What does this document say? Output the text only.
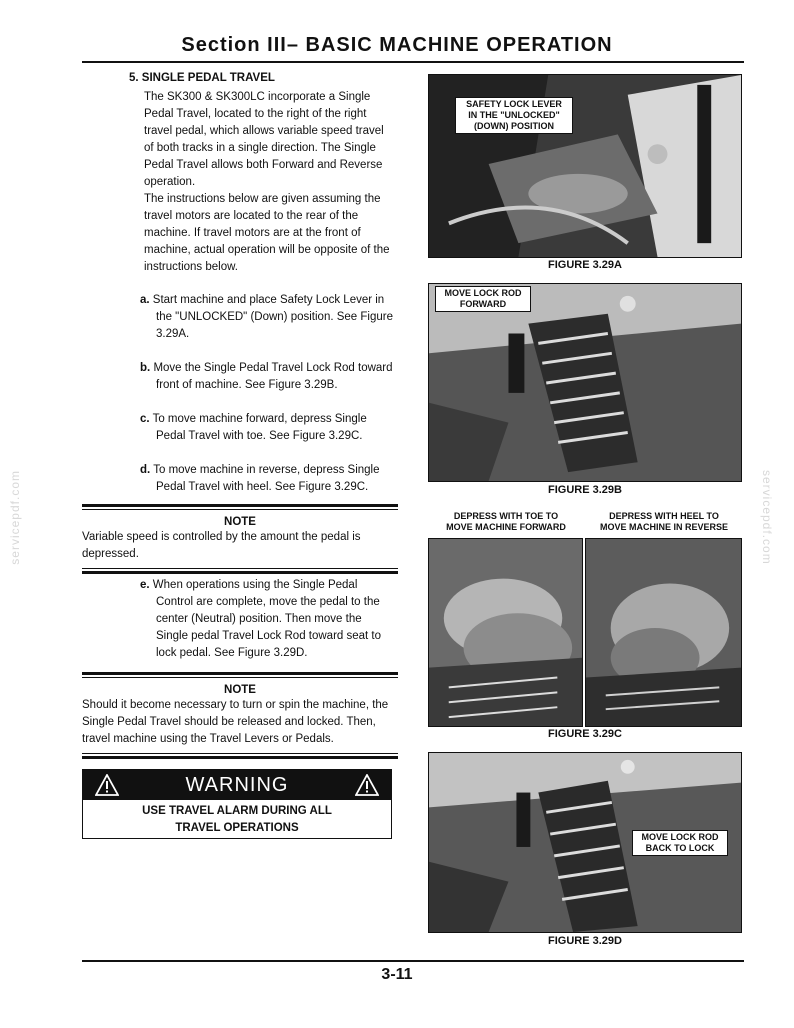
Section III– BASIC MACHINE OPERATION
servicepdf.com	servicepdf.com
5. SINGLE PEDAL TRAVEL

The SK300 & SK300LC incorporate a Single Pedal Travel, located to the right of the right travel pedal, which allows variable speed travel of both tracks in a single direction. The Single Pedal Travel allows both Forward and Reverse operation.

The instructions below are given assuming the travel motors are located to the rear of the machine. If travel motors are at the front of machine, actual operation will be opposite of the instructions below.

a. Start machine and place Safety Lock Lever in the "UNLOCKED" (Down) position. See Figure 3.29A.
b. Move the Single Pedal Travel Lock Rod toward front of machine. See Figure 3.29B.
c. To move machine forward, depress Single Pedal Travel with toe. See Figure 3.29C.
d. To move machine in reverse, depress Single Pedal Travel with heel. See Figure 3.29C.
NOTE
Variable speed is controlled by the amount the pedal is depressed.
e. When operations using the Single Pedal Control are complete, move the pedal to the center (Neutral) position. Then move the Single pedal Travel Lock Rod toward seat to lock pedal. See Figure 3.29D.
NOTE
Should it become necessary to turn or spin the machine, the Single Pedal Travel should be released and locked. Then, travel machine using the Travel Levers or Pedals.
WARNING
USE TRAVEL ALARM DURING ALL
TRAVEL OPERATIONS
SAFETY LOCK LEVER
IN THE "UNLOCKED"
(DOWN) POSITION
FIGURE 3.29A
MOVE LOCK ROD
FORWARD
FIGURE 3.29B
DEPRESS WITH TOE TO
MOVE MACHINE FORWARD
DEPRESS WITH HEEL TO
MOVE MACHINE IN REVERSE
FIGURE 3.29C
MOVE LOCK ROD
BACK TO LOCK
FIGURE 3.29D
3-11
